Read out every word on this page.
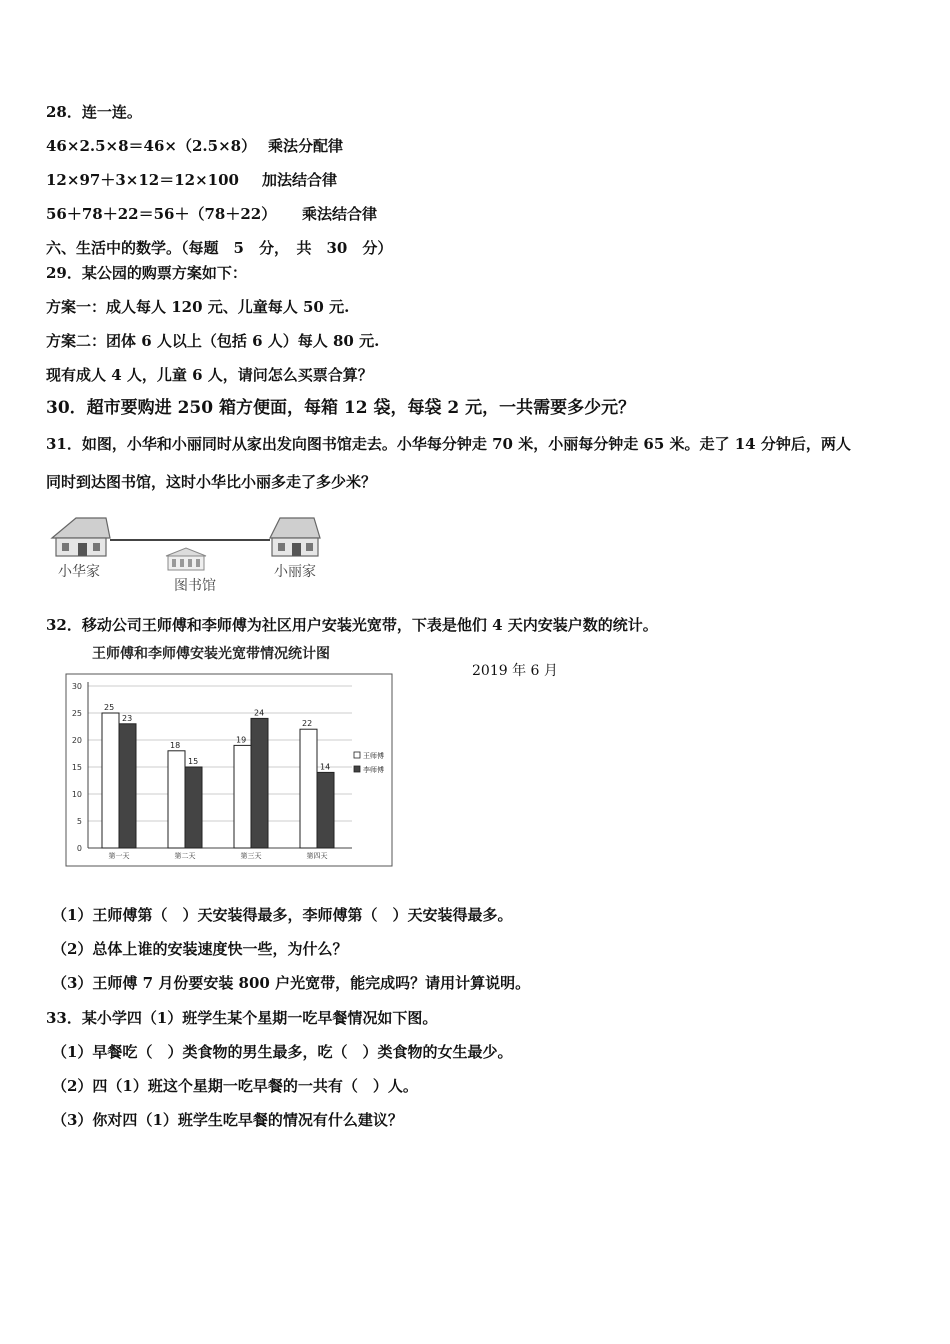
28．连一连。
46×2.5×8＝46×（2.5×8） 乘法分配律
12×97＋3×12＝12×100 加法结合律
56＋78＋22＝56＋（78＋22） 乘法结合律
六、生活中的数学。（每题　5　分，　共　30　分）
29．某公园的购票方案如下：
方案一：成人每人 120 元、儿童每人 50 元.
方案二：团体 6 人以上（包括 6 人）每人 80 元.
现有成人 4 人，儿童 6 人，请问怎么买票合算？
30．超市要购进 250 箱方便面，每箱 12 袋，每袋 2 元，一共需要多少元？
31．如图，小华和小丽同时从家出发向图书馆走去。小华每分钟走 70 米，小丽每分钟走 65 米。走了 14 分钟后，两人
同时到达图书馆，这时小华比小丽多走了多少米？
小华家
图书馆
小丽家
32．移动公司王师傅和李师傅为社区用户安装光宽带，下表是他们 4 天内安装户数的统计。
2019 年 6 月
王师傅和李师傅安装光宽带情况统计图
0
5
10
15
20
25
30
25
23
第一天
18
15
第二天
19
24
第三天
22
14
第四天
王师傅
李师傅
（1）王师傅第（　）天安装得最多，李师傅第（　）天安装得最多。
（2）总体上谁的安装速度快一些，为什么？
（3）王师傅 7 月份要安装 800 户光宽带，能完成吗？请用计算说明。
33．某小学四（1）班学生某个星期一吃早餐情况如下图。
（1）早餐吃（　）类食物的男生最多，吃（　）类食物的女生最少。
（2）四（1）班这个星期一吃早餐的一共有（　）人。
（3）你对四（1）班学生吃早餐的情况有什么建议？
